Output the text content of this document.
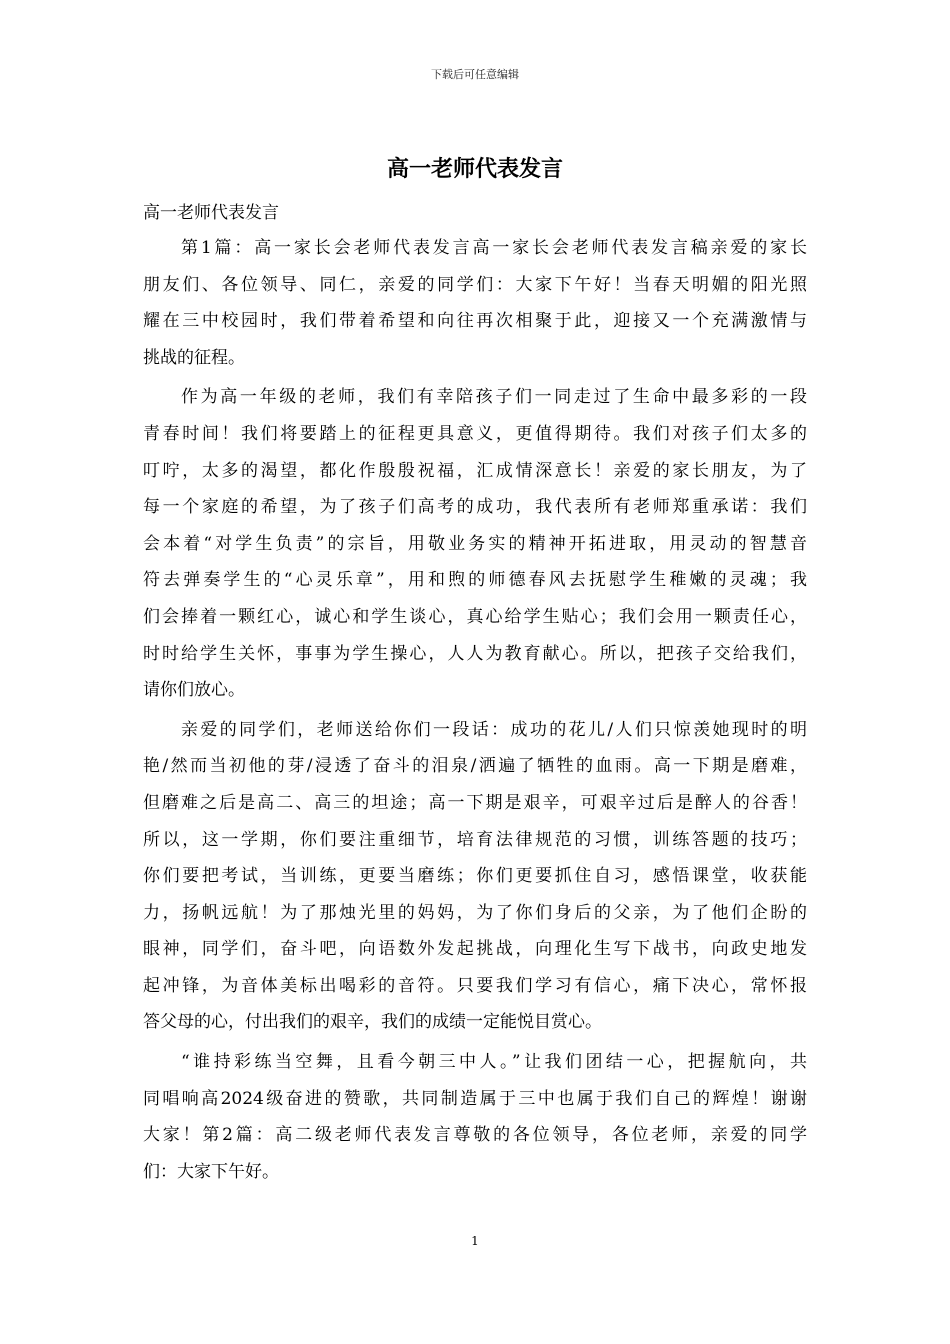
下载后可任意编辑
高一老师代表发言

高一老师代表发言

第1篇：高一家长会老师代表发言高一家长会老师代表发言稿亲爱的家长
朋友们、各位领导、同仁，亲爱的同学们：大家下午好！当春天明媚的阳光照
耀在三中校园时，我们带着希望和向往再次相聚于此，迎接又一个充满激情与
挑战的征程。

作为高一年级的老师，我们有幸陪孩子们一同走过了生命中最多彩的一段
青春时间！我们将要踏上的征程更具意义，更值得期待。我们对孩子们太多的
叮咛，太多的渴望，都化作殷殷祝福，汇成情深意长！亲爱的家长朋友，为了
每一个家庭的希望，为了孩子们高考的成功，我代表所有老师郑重承诺：我们
会本着“对学生负责”的宗旨，用敬业务实的精神开拓进取，用灵动的智慧音
符去弹奏学生的“心灵乐章”，用和煦的师德春风去抚慰学生稚嫩的灵魂；我
们会捧着一颗红心，诚心和学生谈心，真心给学生贴心；我们会用一颗责任心，
时时给学生关怀，事事为学生操心，人人为教育献心。所以，把孩子交给我们，
请你们放心。

亲爱的同学们，老师送给你们一段话：成功的花儿/人们只惊羡她现时的明
艳/然而当初他的芽/浸透了奋斗的泪泉/洒遍了牺牲的血雨。高一下期是磨难，
但磨难之后是高二、高三的坦途；高一下期是艰辛，可艰辛过后是醉人的谷香！
所以，这一学期，你们要注重细节，培育法律规范的习惯，训练答题的技巧；
你们要把考试，当训练，更要当磨练；你们更要抓住自习，感悟课堂，收获能
力，扬帆远航！为了那烛光里的妈妈，为了你们身后的父亲，为了他们企盼的
眼神，同学们，奋斗吧，向语数外发起挑战，向理化生写下战书，向政史地发
起冲锋，为音体美标出喝彩的音符。只要我们学习有信心，痛下决心，常怀报
答父母的心，付出我们的艰辛，我们的成绩一定能悦目赏心。

“谁持彩练当空舞，且看今朝三中人。”让我们团结一心，把握航向，共
同唱响高2024级奋进的赞歌，共同制造属于三中也属于我们自己的辉煌！谢谢
大家！第2篇：高二级老师代表发言尊敬的各位领导，各位老师，亲爱的同学
们：大家下午好。

1
